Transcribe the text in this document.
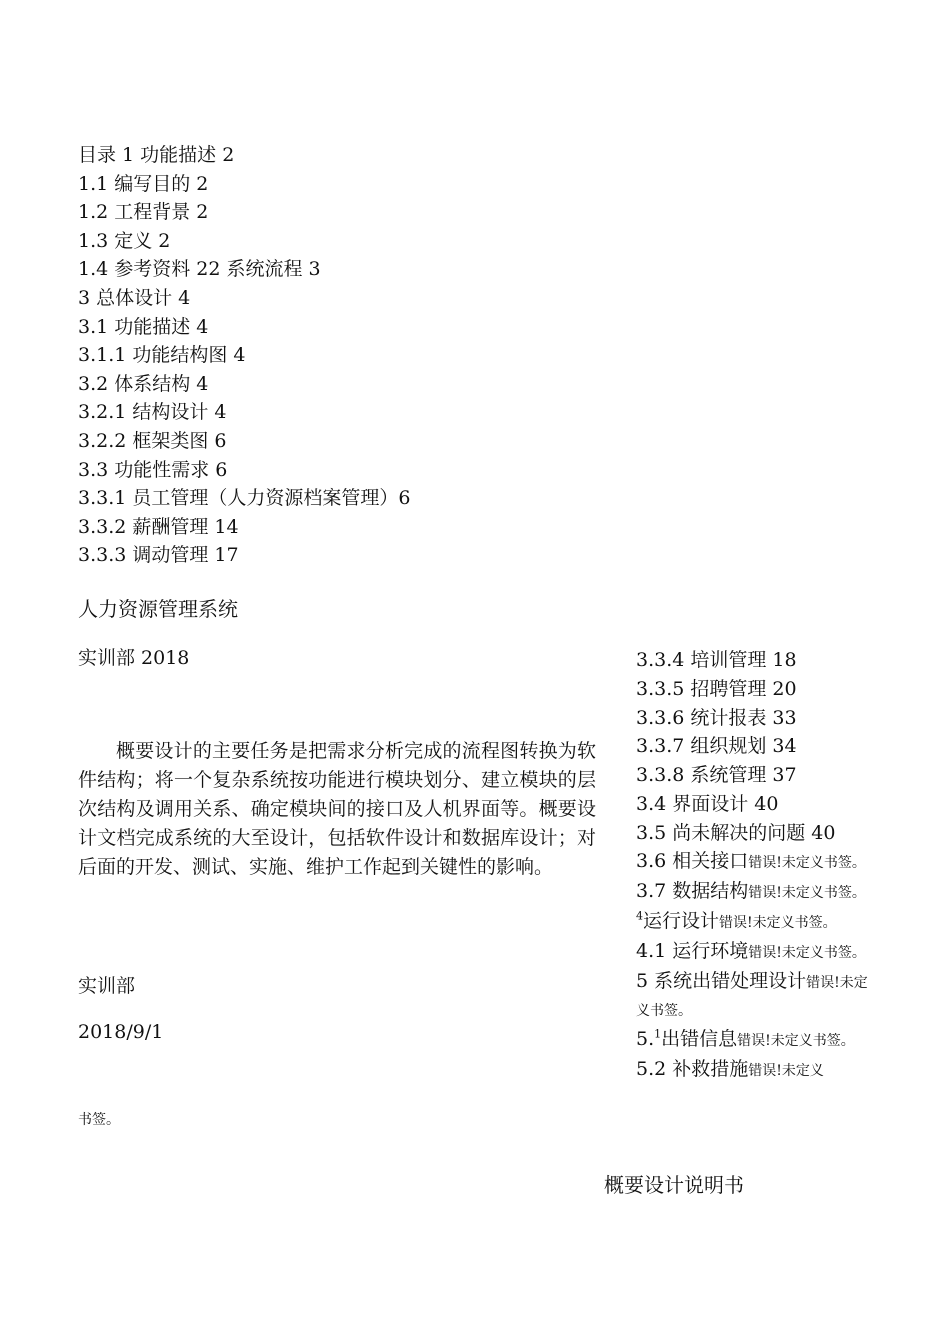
目录 1 功能描述 2
1.1 编写目的 2
1.2 工程背景 2
1.3 定义 2
1.4 参考资料 22 系统流程 3
3 总体设计 4
3.1 功能描述 4
3.1.1 功能结构图 4
3.2 体系结构 4
3.2.1 结构设计 4
3.2.2 框架类图 6
3.3 功能性需求 6
3.3.1 员工管理（人力资源档案管理）6
3.3.2 薪酬管理 14
3.3.3 调动管理 17
人力资源管理系统
实训部 2018

概要设计的主要任务是把需求分析完成的流程图转换为软件结构；将一个复杂系统按功能进行模块划分、建立模块的层次结构及调用关系、确定模块间的接口及人机界面等。概要设计文档完成系统的大至设计，包括软件设计和数据库设计；对后面的开发、测试、实施、维护工作起到关键性的影响。

实训部
2018/9/1
书签。
3.3.4 培训管理 18
3.3.5 招聘管理 20
3.3.6 统计报表 33
3.3.7 组织规划 34
3.3.8 系统管理 37
3.4 界面设计 40
3.5 尚未解决的问题 40
3.6 相关接口错误!未定义书签。
3.7 数据结构错误!未定义书签。
$^4$运行设计错误!未定义书签。
4.1 运行环境错误!未定义书签。
5 系统出错处理设计错误!未定义书签。
5.$^1$出错信息错误!未定义书签。
5.2 补救措施错误!未定义
概要设计说明书
